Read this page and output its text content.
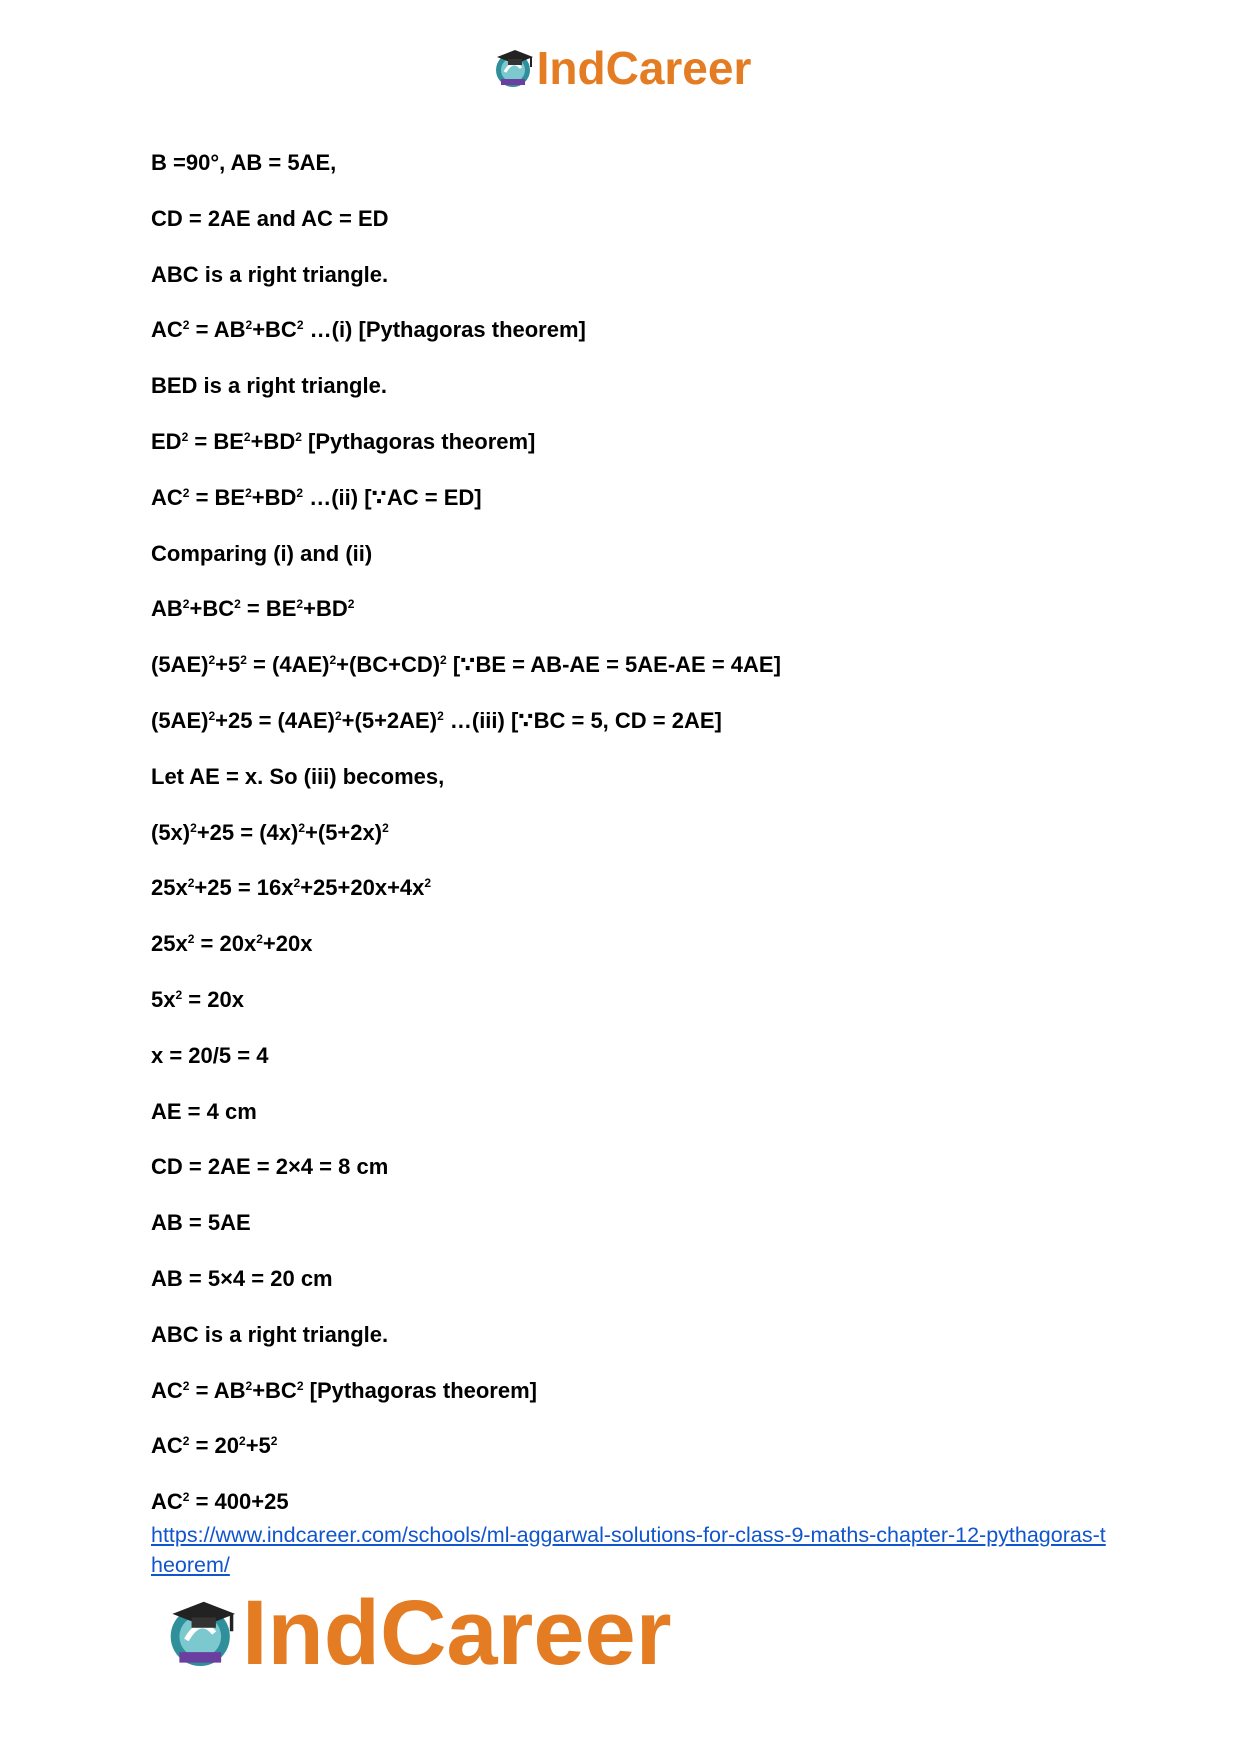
IndCareer
B =90°, AB = 5AE,
CD = 2AE and AC = ED
ABC is a right triangle.
$AC^2 = AB^2+BC^2$ …(i) [Pythagoras theorem]
BED is a right triangle.
$ED^2 = BE^2+BD^2$ [Pythagoras theorem]
$AC^2 = BE^2+BD^2$ …(ii) [∵AC = ED]
Comparing (i) and (ii)
$AB^2+BC^2 = BE^2+BD^2$
$(5AE)^2+5^2 = (4AE)^2+(BC+CD)^2$ [∵BE = AB-AE = 5AE-AE = 4AE]
$(5AE)^2+25 = (4AE)^2+(5+2AE)^2$ …(iii) [∵BC = 5, CD = 2AE]
Let AE = x. So (iii) becomes,
$(5x)^2+25 = (4x)^2+(5+2x)^2$
$25x^2+25 = 16x^2+25+20x+4x^2$
$25x^2 = 20x^2+20x$
$5x^2 = 20x$
x = 20/5 = 4
AE = 4 cm
CD = 2AE = 2×4 = 8 cm
AB = 5AE
AB = 5×4 = 20 cm
ABC is a right triangle.
$AC^2 = AB^2+BC^2$ [Pythagoras theorem]
$AC^2 = 20^2+5^2$
$AC^2 = 400+25$
https://www.indcareer.com/schools/ml-aggarwal-solutions-for-class-9-maths-chapter-12-pythagoras-theorem/
IndCareer
